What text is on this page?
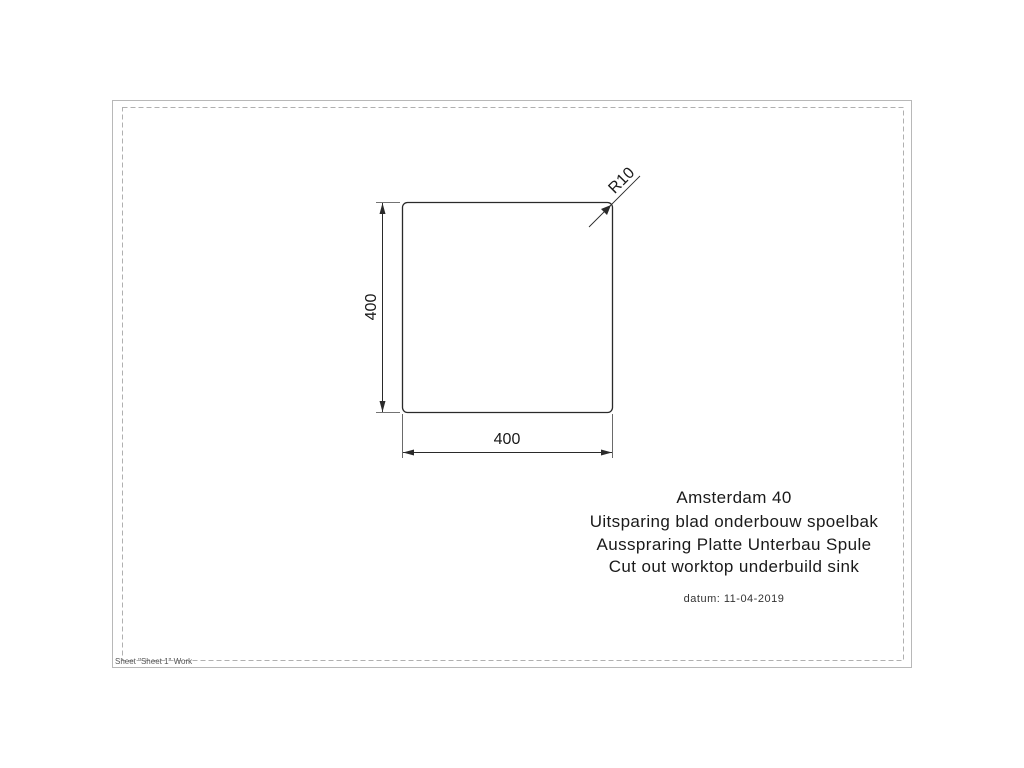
400
400
R10
Amsterdam 40
Uitsparing blad onderbouw spoelbak
Ausspraring Platte Unterbau Spule
Cut out worktop underbuild sink
datum: 11-04-2019
Sheet "Sheet 1" Work
